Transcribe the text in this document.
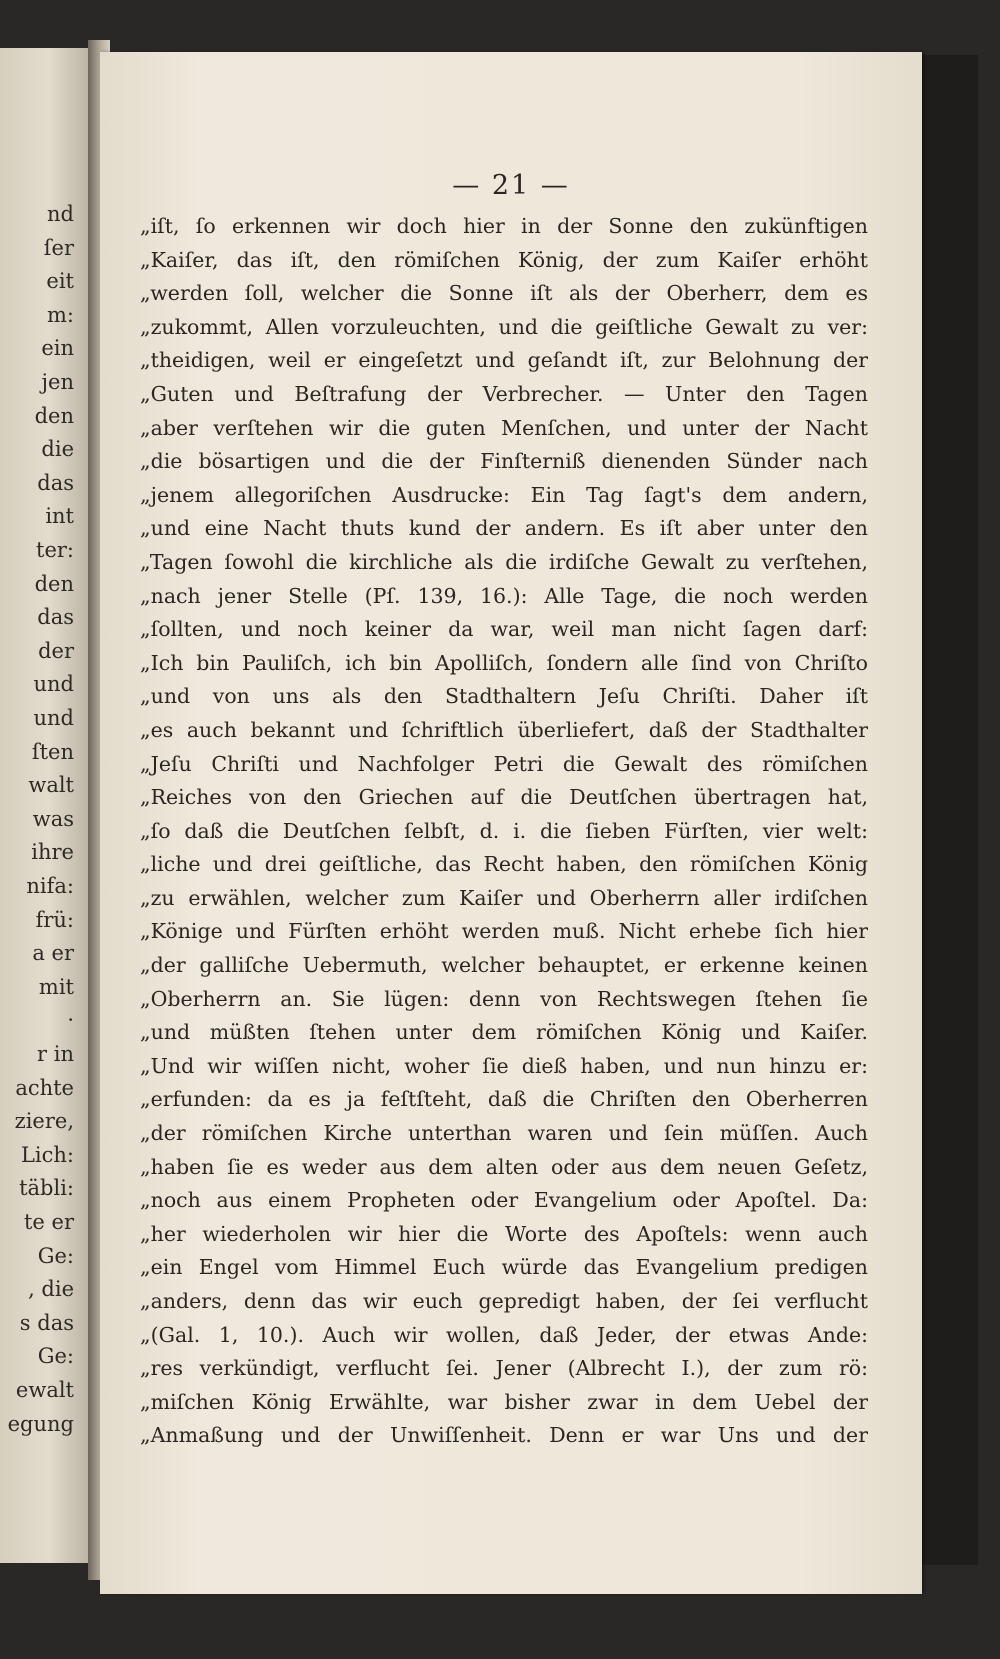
nd
ſer
eit
m:
ein
jen
den
die
das
int
ter:
den
das
der
und
und
ſten
walt
was
ihre
nifa:
frü:
a er
mit
·
r in
achte
ziere,
Lich:
täbli:
te er
Ge:
, die
s das
Ge:
ewalt
egung
— 21 —
„iſt, ſo erkennen wir doch hier in der Sonne den zukünftigen
„Kaiſer, das iſt, den römiſchen König, der zum Kaiſer erhöht
„werden ſoll, welcher die Sonne iſt als der Oberherr, dem es
„zukommt, Allen vorzuleuchten, und die geiſtliche Gewalt zu ver:
„theidigen, weil er eingeſetzt und geſandt iſt, zur Belohnung der
„Guten und Beſtrafung der Verbrecher. — Unter den Tagen
„aber verſtehen wir die guten Menſchen, und unter der Nacht
„die bösartigen und die der Finſterniß dienenden Sünder nach
„jenem allegoriſchen Ausdrucke: Ein Tag ſagt's dem andern,
„und eine Nacht thuts kund der andern. Es iſt aber unter den
„Tagen ſowohl die kirchliche als die irdiſche Gewalt zu verſtehen,
„nach jener Stelle (Pſ. 139, 16.): Alle Tage, die noch werden
„ſollten, und noch keiner da war, weil man nicht ſagen darf:
„Ich bin Pauliſch, ich bin Apolliſch, ſondern alle ſind von Chriſto
„und von uns als den Stadthaltern Jeſu Chriſti. Daher iſt
„es auch bekannt und ſchriftlich überliefert, daß der Stadthalter
„Jeſu Chriſti und Nachfolger Petri die Gewalt des römiſchen
„Reiches von den Griechen auf die Deutſchen übertragen hat,
„ſo daß die Deutſchen ſelbſt, d. i. die ſieben Fürſten, vier welt:
„liche und drei geiſtliche, das Recht haben, den römiſchen König
„zu erwählen, welcher zum Kaiſer und Oberherrn aller irdiſchen
„Könige und Fürſten erhöht werden muß. Nicht erhebe ſich hier
„der galliſche Uebermuth, welcher behauptet, er erkenne keinen
„Oberherrn an. Sie lügen: denn von Rechtswegen ſtehen ſie
„und müßten ſtehen unter dem römiſchen König und Kaiſer.
„Und wir wiſſen nicht, woher ſie dieß haben, und nun hinzu er:
„erfunden: da es ja feſtſteht, daß die Chriſten den Oberherren
„der römiſchen Kirche unterthan waren und ſein müſſen. Auch
„haben ſie es weder aus dem alten oder aus dem neuen Geſetz,
„noch aus einem Propheten oder Evangelium oder Apoſtel. Da:
„her wiederholen wir hier die Worte des Apoſtels: wenn auch
„ein Engel vom Himmel Euch würde das Evangelium predigen
„anders, denn das wir euch gepredigt haben, der ſei verflucht
„(Gal. 1, 10.). Auch wir wollen, daß Jeder, der etwas Ande:
„res verkündigt, verflucht ſei. Jener (Albrecht I.), der zum rö:
„miſchen König Erwählte, war bisher zwar in dem Uebel der
„Anmaßung und der Unwiſſenheit. Denn er war Uns und der
